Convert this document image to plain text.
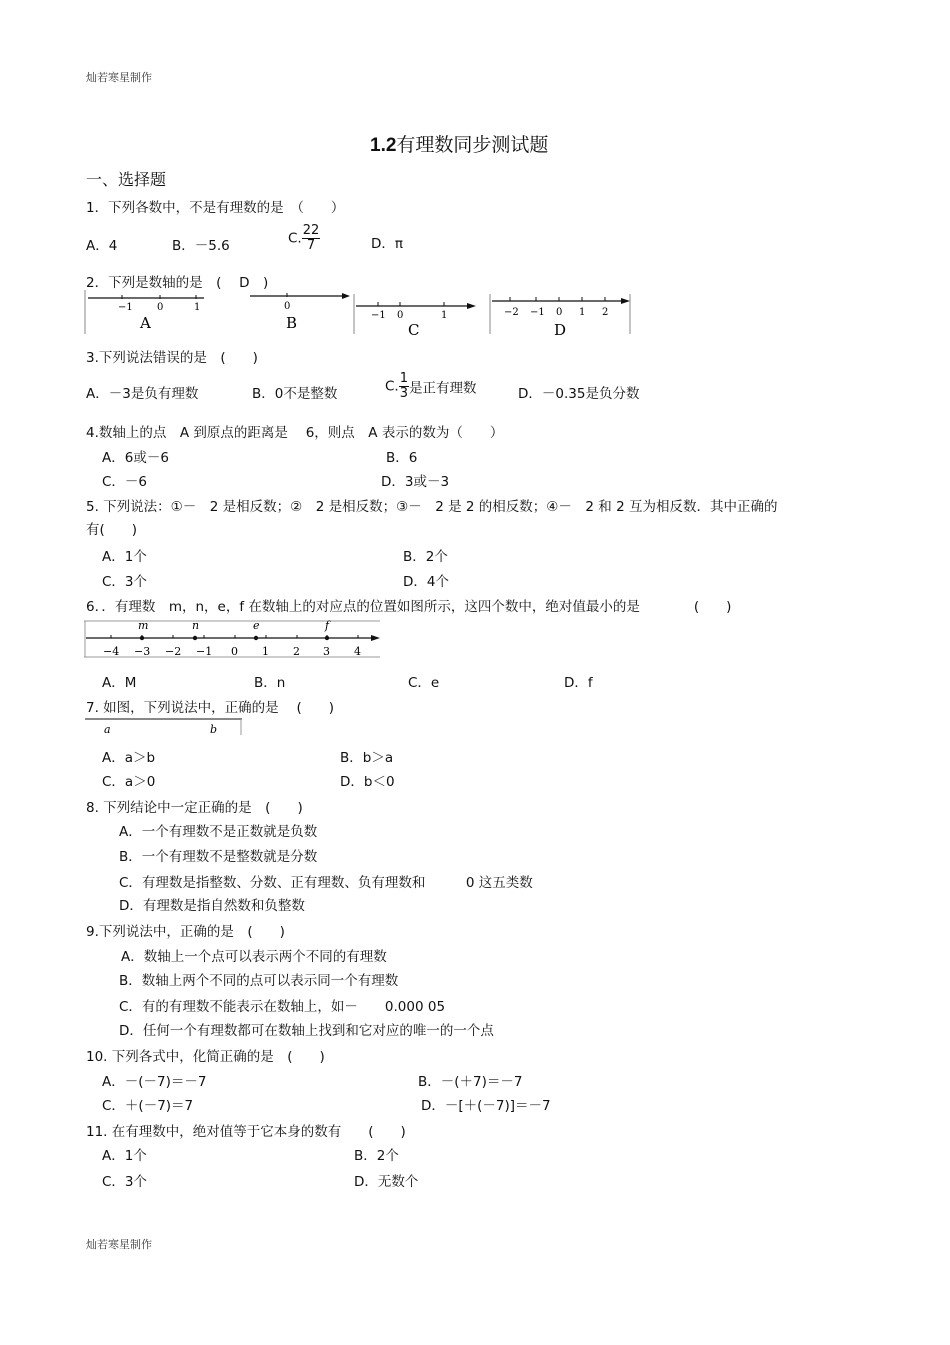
灿若寒星制作
灿若寒星制作
1.2有理数同步测试题
一、选择题
1．下列各数中，不是有理数的是　（　　）
A．4	B．－5.6	C. $\frac{22}{7}$	D．π
2．下列是数轴的是　(　 D　)
−1 0	1
A
0
B	−1 0	1
C
−2 −1 0 1 2
D
3.下列说法错误的是　(　　)
A．－3是负有理数	B．0不是整数	C. $\frac{1}{3}$ 是正有理数	D．－0.35是负分数
4.数轴上的点　A 到原点的距离是　 6，则点　A 表示的数为（　　）
A．6或－6	B．6
C．－6	D．3或－3
5. 下列说法：①－　2 是相反数；②　2 是相反数；③－　2 是 2 的相反数；④－　2 和 2 互为相反数．其中正确的
有(　　)
A．1个	B．2个
C．3个	D．4个
6．．有理数　m，n，e，f 在数轴上的对应点的位置如图所示，这四个数中，绝对值最小的是　　　　(　　)
−4 −3 −2 −1 0 1 2 3 4
m	n	e	f
A．M	B．n	C．e	D．f
7. 如图，下列说法中，正确的是　 (　　)
a	b
A．a＞b	B．b＞a
C．a＞0	D．b＜0
8. 下列结论中一定正确的是　(　　)
A．一个有理数不是正数就是负数
B．一个有理数不是整数就是分数
C．有理数是指整数、分数、正有理数、负有理数和　　　0 这五类数
D．有理数是指自然数和负整数
9.下列说法中，正确的是　(　　)
A．数轴上一个点可以表示两个不同的有理数
B．数轴上两个不同的点可以表示同一个有理数
C．有的有理数不能表示在数轴上，如－　　0.000 05
D．任何一个有理数都可在数轴上找到和它对应的唯一的一个点
10. 下列各式中，化简正确的是　(　　)
A．－(－7)＝－7	B．－(＋7)＝－7
C．＋(－7)＝7	D．－[＋(－7)]＝－7
11. 在有理数中，绝对值等于它本身的数有　　(　　)
A．1个	B．2个
C．3个	D．无数个
